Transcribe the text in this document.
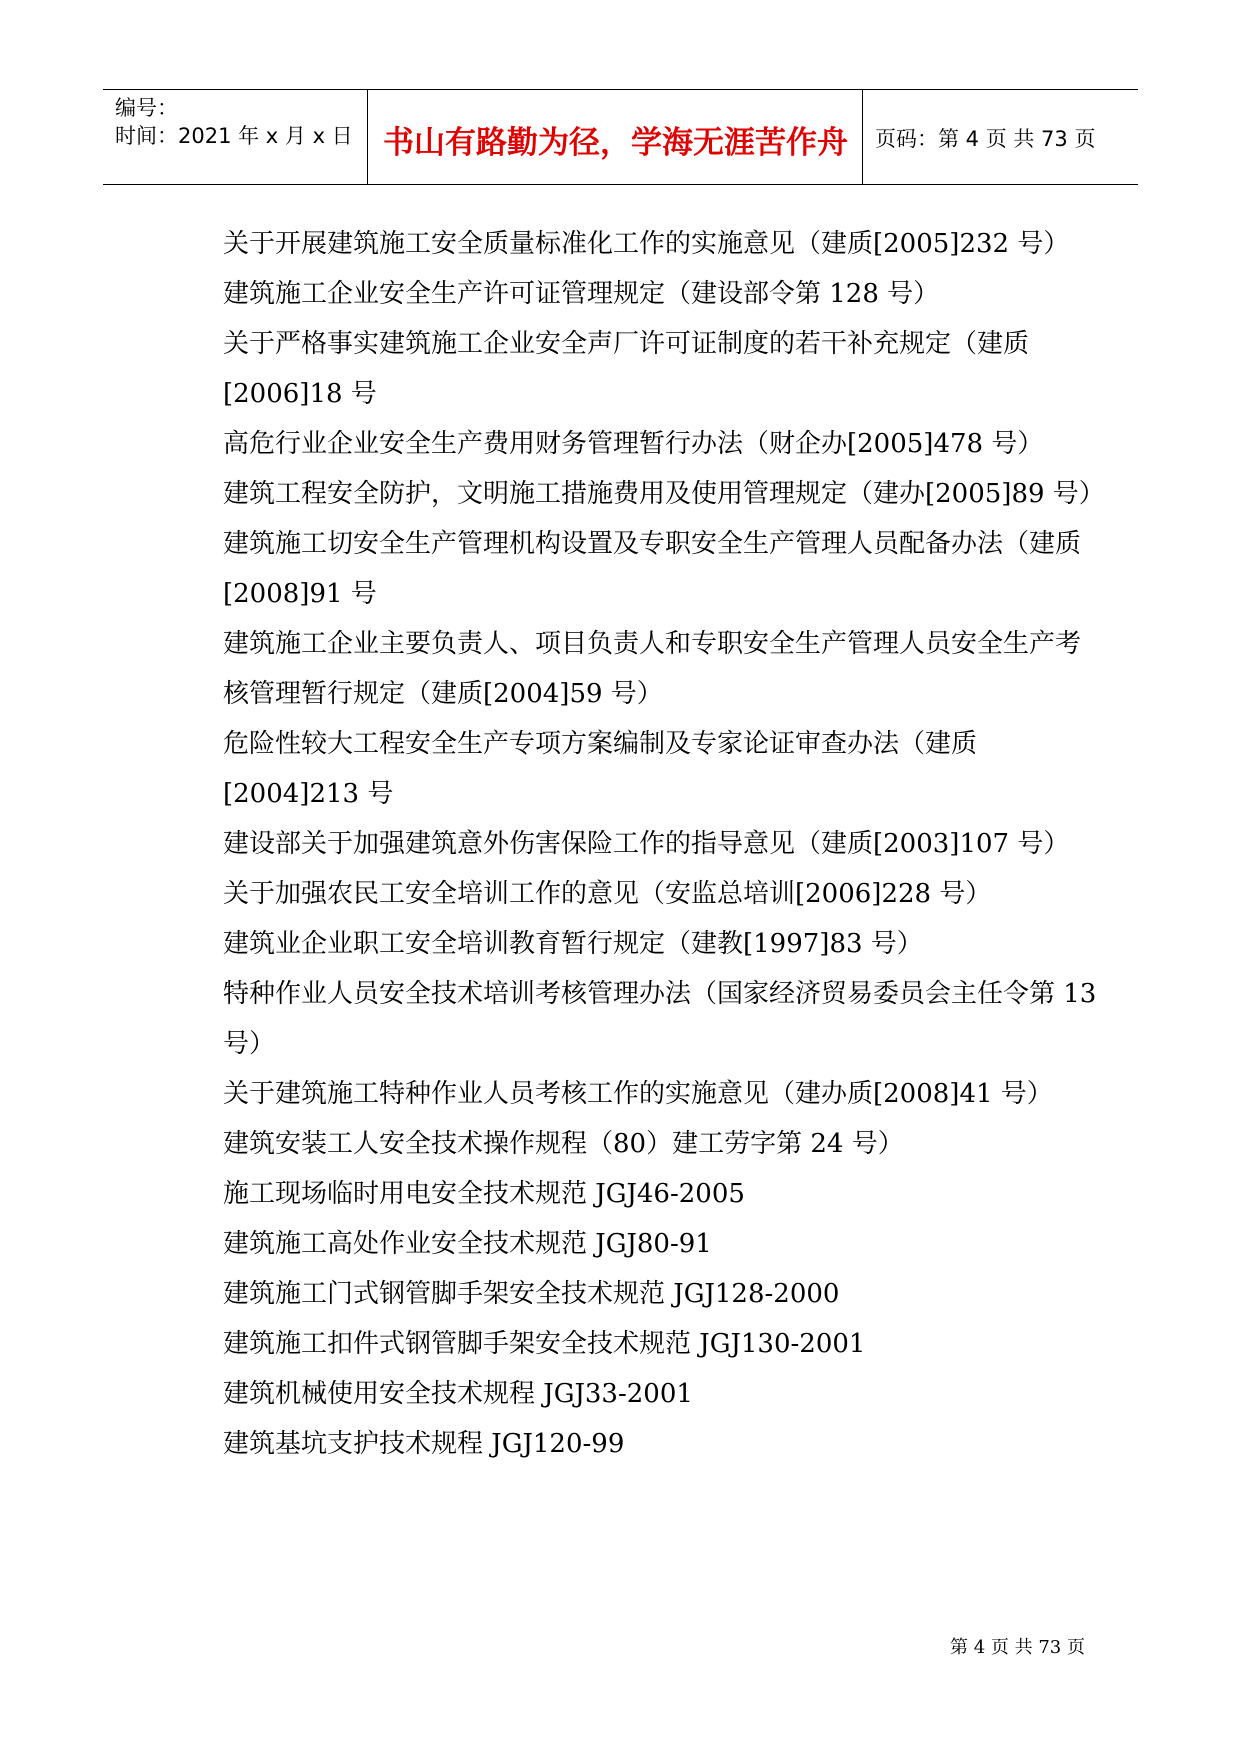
编号：
时间：2021 年 x 月 x 日 书山有路勤为径，学海无涯苦作舟	页码：第 4 页 共 73 页

关于开展建筑施工安全质量标准化工作的实施意见（建质[2005]232 号）

建筑施工企业安全生产许可证管理规定（建设部令第 128 号）

关于严格事实建筑施工企业安全声厂许可证制度的若干补充规定（建质[2006]18 号

高危行业企业安全生产费用财务管理暂行办法（财企办[2005]478 号）

建筑工程安全防护，文明施工措施费用及使用管理规定（建办[2005]89 号）

建筑施工切安全生产管理机构设置及专职安全生产管理人员配备办法（建质[2008]91 号

建筑施工企业主要负责人、项目负责人和专职安全生产管理人员安全生产考核管理暂行规定（建质[2004]59 号）

危险性较大工程安全生产专项方案编制及专家论证审查办法（建质[2004]213 号

建设部关于加强建筑意外伤害保险工作的指导意见（建质[2003]107 号）

关于加强农民工安全培训工作的意见（安监总培训[2006]228 号）

建筑业企业职工安全培训教育暂行规定（建教[1997]83 号）

特种作业人员安全技术培训考核管理办法（国家经济贸易委员会主任令第 13 号）

关于建筑施工特种作业人员考核工作的实施意见（建办质[2008]41 号）

建筑安装工人安全技术操作规程（80）建工劳字第 24 号）

施工现场临时用电安全技术规范 JGJ46-2005

建筑施工高处作业安全技术规范 JGJ80-91

建筑施工门式钢管脚手架安全技术规范 JGJ128-2000

建筑施工扣件式钢管脚手架安全技术规范 JGJ130-2001

建筑机械使用安全技术规程 JGJ33-2001

建筑基坑支护技术规程 JGJ120-99

第 4 页 共 73 页
